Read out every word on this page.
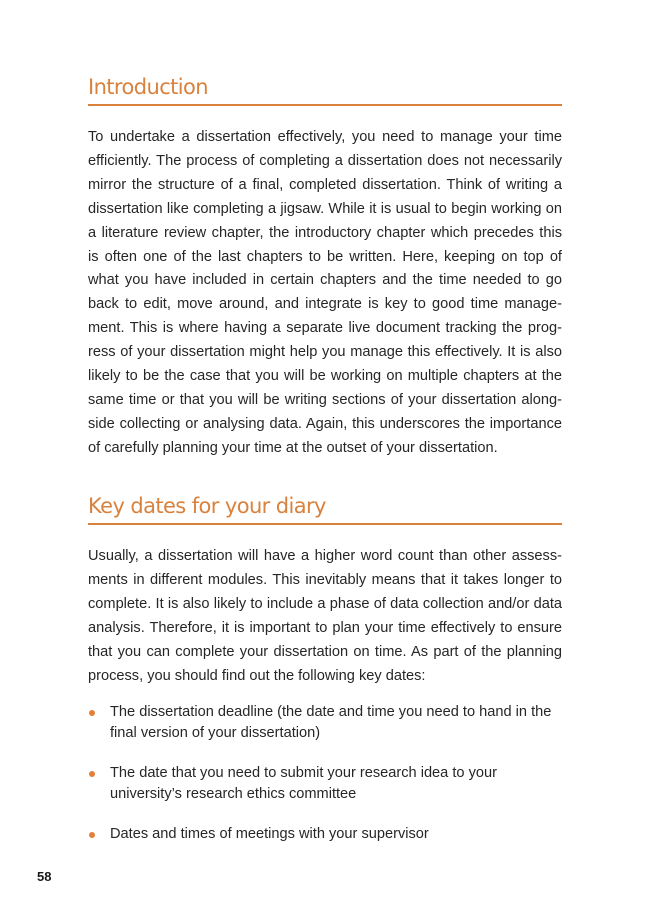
Introduction

To undertake a dissertation effectively, you need to manage your time efficiently. The process of completing a dissertation does not necessarily mirror the structure of a final, completed dissertation. Think of writing a dissertation like completing a jigsaw. While it is usual to begin working on a literature review chapter, the introductory chapter which precedes this is often one of the last chapters to be written. Here, keeping on top of what you have included in certain chapters and the time needed to go back to edit, move around, and integrate is key to good time manage-ment. This is where having a separate live document tracking the prog-ress of your dissertation might help you manage this effectively. It is also likely to be the case that you will be working on multiple chapters at the same time or that you will be writing sections of your dissertation along-side collecting or analysing data. Again, this underscores the importance of carefully planning your time at the outset of your dissertation.

Key dates for your diary

Usually, a dissertation will have a higher word count than other assess-ments in different modules. This inevitably means that it takes longer to complete. It is also likely to include a phase of data collection and/or data analysis. Therefore, it is important to plan your time effectively to ensure that you can complete your dissertation on time. As part of the planning process, you should find out the following key dates:

The dissertation deadline (the date and time you need to hand in the final version of your dissertation)
The date that you need to submit your research idea to your university’s research ethics committee
Dates and times of meetings with your supervisor
58
